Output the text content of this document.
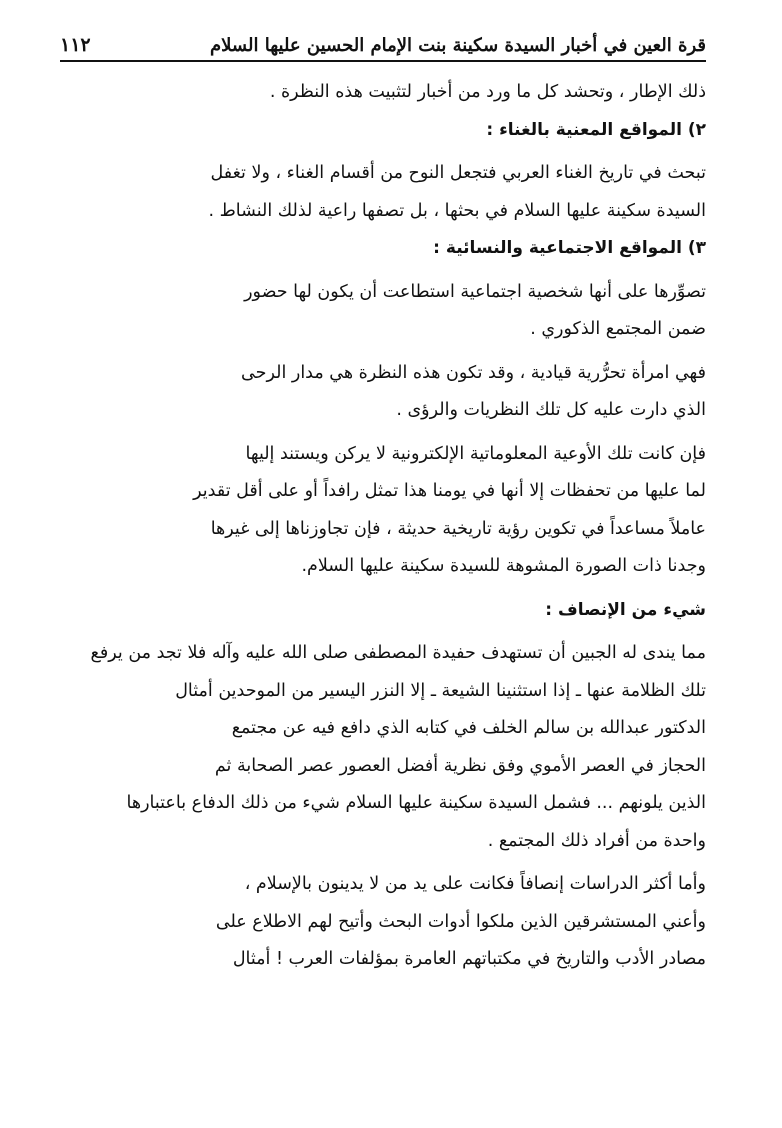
قرة العين في أخبار السيدة سكينة بنت الإمام الحسين عليها السلام
١١٢
ذلك الإطار ، وتحشد كل ما ورد من أخبار لتثبيت هذه النظرة .
٢) المواقع المعنية بالغناء :
تبحث في تاريخ الغناء العربي فتجعل النوح من أقسام الغناء ، ولا تغفل
السيدة سكينة عليها السلام في بحثها ، بل تصفها راعية لذلك النشاط .
٣) المواقع الاجتماعية والنسائية :
تصوِّرها على أنها شخصية اجتماعية استطاعت أن يكون لها حضور
ضمن المجتمع الذكوري .
فهي امرأة تحرُّرية قيادية ، وقد تكون هذه النظرة هي مدار الرحى
الذي دارت عليه كل تلك النظريات والرؤى .
فإن كانت تلك الأوعية المعلوماتية الإلكترونية لا يركن ويستند إليها
لما عليها من تحفظات إلا أنها في يومنا هذا تمثل رافداً أو على أقل تقدير
عاملاً مساعداً في تكوين رؤية تاريخية حديثة ، فإن تجاوزناها إلى غيرها
وجدنا ذات الصورة المشوهة للسيدة سكينة عليها السلام.
شيء من الإنصاف :
مما يندى له الجبين أن تستهدف حفيدة المصطفى صلى الله عليه وآله فلا تجد من يرفع
تلك الظلامة عنها ـ إذا استثنينا الشيعة ـ إلا النزر اليسير من الموحدين أمثال
الدكتور عبدالله بن سالم الخلف في كتابه الذي دافع فيه عن مجتمع
الحجاز في العصر الأموي وفق نظرية أفضل العصور عصر الصحابة ثم
الذين يلونهم ... فشمل السيدة سكينة عليها السلام شيء من ذلك الدفاع باعتبارها
واحدة من أفراد ذلك المجتمع .
وأما أكثر الدراسات إنصافاً فكانت على يد من لا يدينون بالإسلام ،
وأعني المستشرقين الذين ملكوا أدوات البحث وأتيح لهم الاطلاع على
مصادر الأدب والتاريخ في مكتباتهم العامرة بمؤلفات العرب ! أمثال
